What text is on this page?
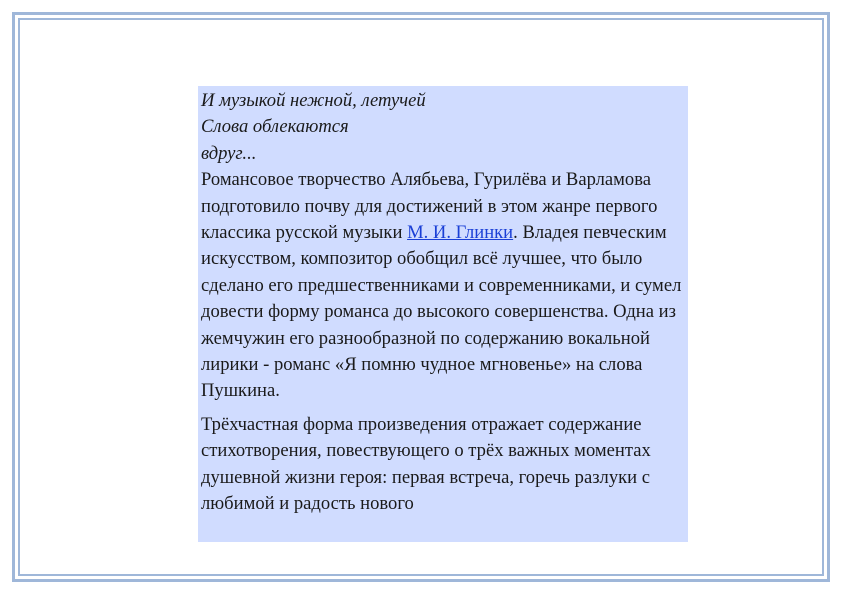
И музыкой нежной, летучей
Слова облекаются
вдруг...

Романсовое творчество Алябьева, Гурилёва и Варламова подготовило почву для достижений в этом жанре первого классика русской музыки М. И. Глинки. Владея певческим искусством, композитор обобщил всё лучшее, что было сделано его предшественниками и современниками, и сумел довести форму романса до высокого совершенства. Одна из жемчужин его разнообразной по содержанию вокальной лирики - романс «Я помню чудное мгновенье» на слова Пушкина.

Трёхчастная форма произведения отражает содержание стихотворения, повествующего о трёх важных моментах душевной жизни героя: первая встреча, горечь разлуки с любимой и радость нового
